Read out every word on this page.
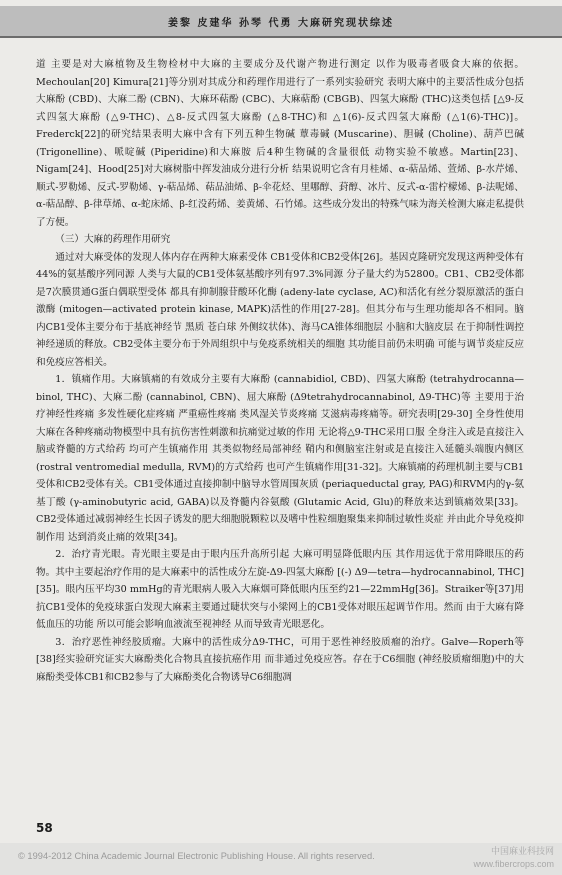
姜黎 皮建华 孙琴 代勇 大麻研究现状综述

道 主要是对大麻植物及生物检材中大麻的主要成分及代谢产物进行测定 以作为吸毒者吸食大麻的依据。Mechoulan[20] Kimura[21]等分别对其成分和药理作用进行了一系列实验研究 表明大麻中的主要活性成分包括 大麻酚 (CBD)、大麻二酚 (CBN)、大麻环萜酚 (CBC)、大麻萜酚 (CBGB)、四氢大麻酚 (THC)这类包括 [△9-反式四氢大麻酚 (△9-THC)、△8-反式四氢大麻酚 (△8-THC)和 △1(6)-反式四氢大麻酚 (△1(6)-THC)]。Frederck[22]的研究结果表明大麻中含有下列五种生物碱 蕈毒碱 (Muscarine)、胆碱 (Choline)、葫芦巴碱 (Trigonelline)、哌啶碱 (Piperidine)和大麻胺 后4种生物碱的含量很低 动物实验不敏感。Martin[23]、Nigam[24]、Hood[25]对大麻树脂中挥发油成分进行分析 结果说明它含有月桂烯、α-萜品烯、萱烯、β-水芹烯、顺式-罗勒烯、反式-罗勒烯、γ-萜品烯、萜品油烯、β-伞花烃、里哪醇、葑醇、冰片、反式-α-雷柠檬烯、β-法呢烯、α-萜品醇、β-律草烯、α-蛇床烯、β-红没药烯、姜黄烯、石竹烯。这些成分发出的特殊气味为海关检测大麻走私提供了方便。

（三）大麻的药理作用研究

通过对大麻受体的发现人体内存在两种大麻素受体 CB1受体和CB2受体[26]。基因克隆研究发现这两种受体有44%的氨基酸序列同源 人类与大鼠的CB1受体氨基酸序列有97.3%同源 分子量大约为52800。CB1、CB2受体都是7次膜贯通G蛋白偶联型受体 都具有抑制腺苷酸环化酶 (adeny-late cyclase, AC)和活化有丝分裂原激活的蛋白激酶 (mitogen—activated protein kinase, MAPK)活性的作用[27-28]。但其分布与生理功能却各不相同。脑内CB1受体主要分布于基底神经节 黑质 苍白球 外侧纹状体)、海马CA锥体细胞层 小脑和大脑皮层 在于抑制性调控神经递质的释放。CB2受体主要分布于外周组织中与免疫系统相关的细胞 其功能目前仍未明确 可能与调节炎症反应和免疫应答相关。

1．镇痛作用。大麻镇痛的有效成分主要有大麻酚 (cannabidiol, CBD)、四氢大麻酚 (tetrahydrocanna—binol, THC)、大麻二酚 (cannabinol, CBN)、屈大麻酚 (Δ9tetrahydrocannabinol, Δ9-THC)等 主要用于治疗神经性疼痛 多发性硬化症疼痛 严重癌性疼痛 类风湿关节炎疼痛 艾滋病毒疼痛等。研究表明[29-30] 全身性使用大麻在各种疼痛动物模型中具有抗伤害性刺激和抗痛觉过敏的作用 无论将△9-THC采用口服 全身注入或是直接注入脑或脊髓的方式给药 均可产生镇痛作用 其类似物经局部神经 鞘内和侧脑室注射或是直接注入延髓头端腹内侧区 (rostral ventromedial medulla, RVM)的方式给药 也可产生镇痛作用[31-32]。大麻镇痛的药理机制主要与CB1受体和CB2受体有关。CB1受体通过直接抑制中脑导水管周围灰质 (periaqueductal gray, PAG)和RVM内的γ-氨基丁酸 (γ-aminobutyric acid, GABA)以及脊髓内谷氨酸 (Glutamic Acid, Glu)的释放来达到镇痛效果[33]。CB2受体通过减弱神经生长因子诱发的肥大细胞脱颗粒以及嗜中性粒细胞聚集来抑制过敏性炎症 并由此介导免疫抑制作用 达到消炎止痛的效果[34]。

2．治疗青光眼。青光眼主要是由于眼内压升高所引起 大麻可明显降低眼内压 其作用远优于常用降眼压的药物。其中主要起治疗作用的是大麻素中的活性成分左旋-Δ9-四氢大麻酚 [(-) Δ9—tetra—hydrocannabinol, THC][35]。眼内压平均30 mmHg的青光眼病人吸入大麻烟可降低眼内压至约21—22mmHg[36]。Straiker等[37]用抗CB1受体的免疫球蛋白发现大麻素主要通过睫状突与小梁网上的CB1受体对眼压起调节作用。然而 由于大麻有降低血压的功能 所以可能会影响血液流至视神经 从而导致青光眼恶化。

3．治疗恶性神经胶质瘤。大麻中的活性成分Δ9-THC，可用于恶性神经胶质瘤的治疗。Galve—Roperh等[38]经实验研究证实大麻酚类化合物具直接抗癌作用 而非通过免疫应答。存在于C6细胞 (神经胶质瘤细胞)中的大麻酚类受体CB1和CB2参与了大麻酚类化合物诱导C6细胞凋

58
© 1994-2012 China Academic Journal Electronic Publishing House. All rights reserved.	中国麻业科技网
www.fibercrops.com
